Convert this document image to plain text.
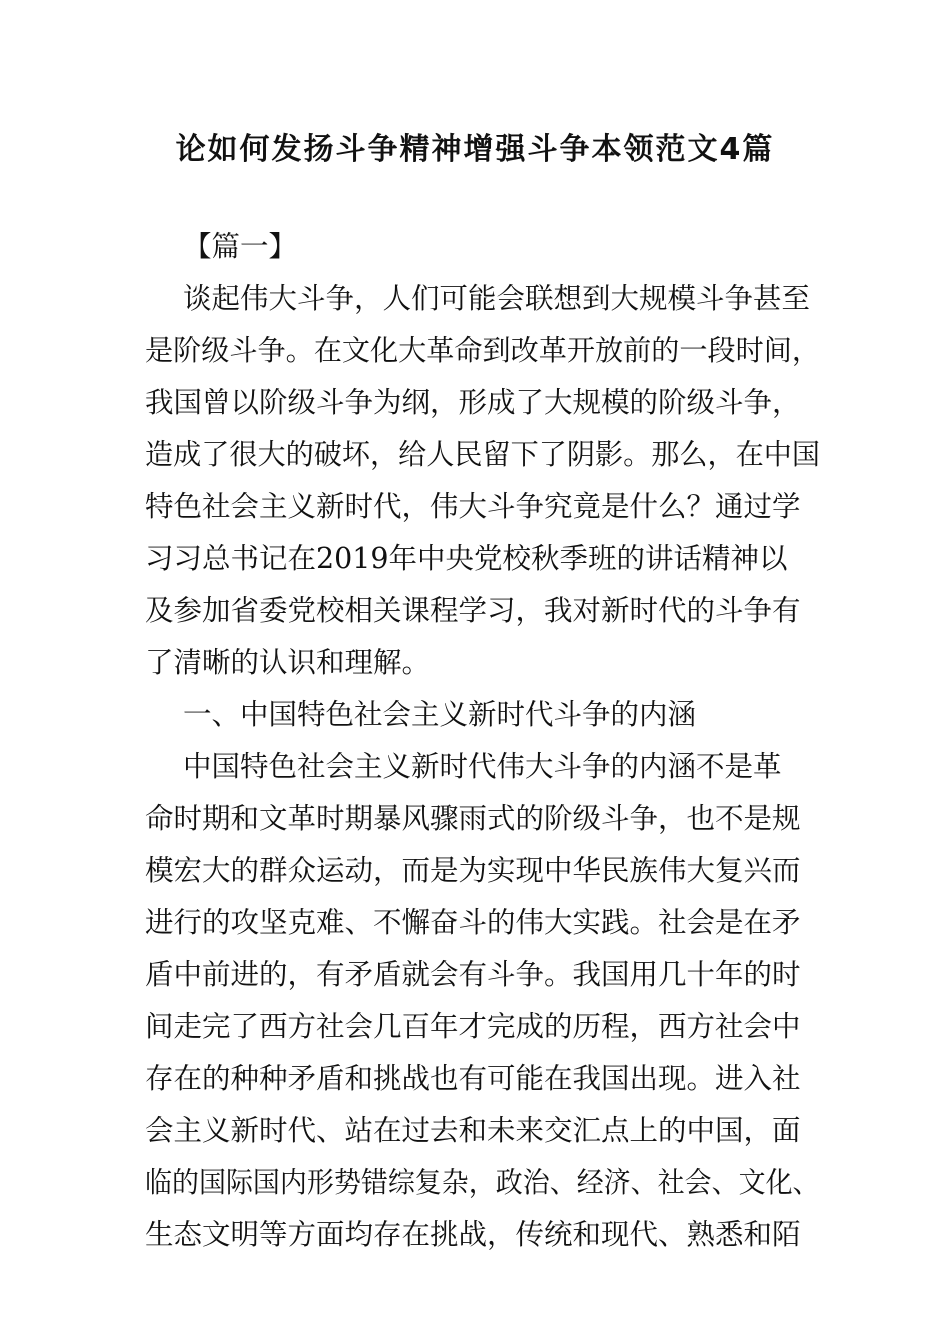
论如何发扬斗争精神增强斗争本领范文4篇
【篇一】
谈起伟大斗争，人们可能会联想到大规模斗争甚至
是阶级斗争。在文化大革命到改革开放前的一段时间，
我国曾以阶级斗争为纲，形成了大规模的阶级斗争，
造成了很大的破坏，给人民留下了阴影。那么，在中国
特色社会主义新时代，伟大斗争究竟是什么？通过学
习习总书记在2019年中央党校秋季班的讲话精神以
及参加省委党校相关课程学习，我对新时代的斗争有
了清晰的认识和理解。
一、中国特色社会主义新时代斗争的内涵
中国特色社会主义新时代伟大斗争的内涵不是革
命时期和文革时期暴风骤雨式的阶级斗争，也不是规
模宏大的群众运动，而是为实现中华民族伟大复兴而
进行的攻坚克难、不懈奋斗的伟大实践。社会是在矛
盾中前进的，有矛盾就会有斗争。我国用几十年的时
间走完了西方社会几百年才完成的历程，西方社会中
存在的种种矛盾和挑战也有可能在我国出现。进入社
会主义新时代、站在过去和未来交汇点上的中国，面
临的国际国内形势错综复杂，政治、经济、社会、文化、
生态文明等方面均存在挑战，传统和现代、熟悉和陌
